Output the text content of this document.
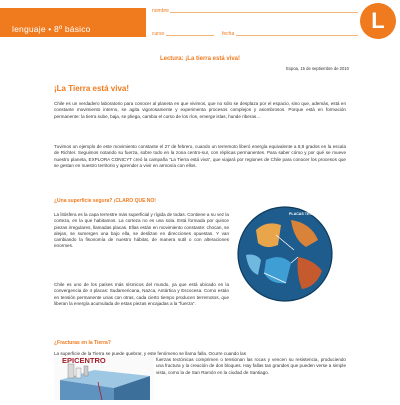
lenguaje • 8º básico
nombre
curso	fecha
L
Lectura: ¡La tierra está viva!
Expoa, 15 de septiembre de 2010
¡La Tierra está viva!

Chile es un verdadero laboratorio para conocer al planeta en que vivimos, que no sólo se desplaza por el espacio, sino que, además, está en constante movimiento interno, se agita vigorosamente y experimenta procesos complejos y asombrosos. Porque está en formación permanente: la tierra sube, baja, se pliega, cambia el curso de los ríos, emerge islas, hunde riberas…

Tuvimos un ejemplo de este movimiento constante el 27 de febrero, cuando un terremoto liberó energía equivalente a 8,8 grados en la escala de Richter. Seguimos notando su fuerza, sobre todo en la zona centro-sur, con réplicas permanentes. Para saber cómo y por qué se mueve nuestro planeta, EXPLORA CONICYT creó la campaña “La Tierra está viva”, que viajará por regiones de Chile para conocer los procesos que se gestan en nuestro territorio y aprender a vivir en armonía con ellos.

¿Una superficie segura? ¡CLARO QUE NO!

La litósfera es la capa terrestre más superficial y rígida de todas. Contiene a su vez la corteza, en la que habitamos. La corteza no es una sola. Está formada por quince piezas irregulares, llamadas placas. Ellas están en movimiento constante: chocan, se alejan, se sumergen una bajo ella, se deslizan en direcciones opuestas. Y van cambiando la fisonomía de nuestro hábitat, de manera sutil o con alteraciones enormes.

Chile es uno de los países más sísmicos del mundo, ya que está ubicado en la convergencia de 4 placas: Sudamericana, Nazca, Antártica y Escocesa. Como están en tensión permanente unas con otras, cada cierto tiempo producen terremotos, que liberan la energía acumulada de estas piezas encajadas a la “fuerza”.

PLACAS TECTÓNICAS
¿Fracturas en la Tierra?

La superficie de la Tierra se puede quebrar, y este fenómeno se llama falla. Ocurre cuando las

fuerzas tectónicas comprimen o tensionan las rocas y vencen su resistencia, produciendo una fractura y la creación de dos bloques. Hay fallas tan grandes que pueden verse a simple vista, como la de San Ramón en la ciudad de Santiago.

EPICENTRO
